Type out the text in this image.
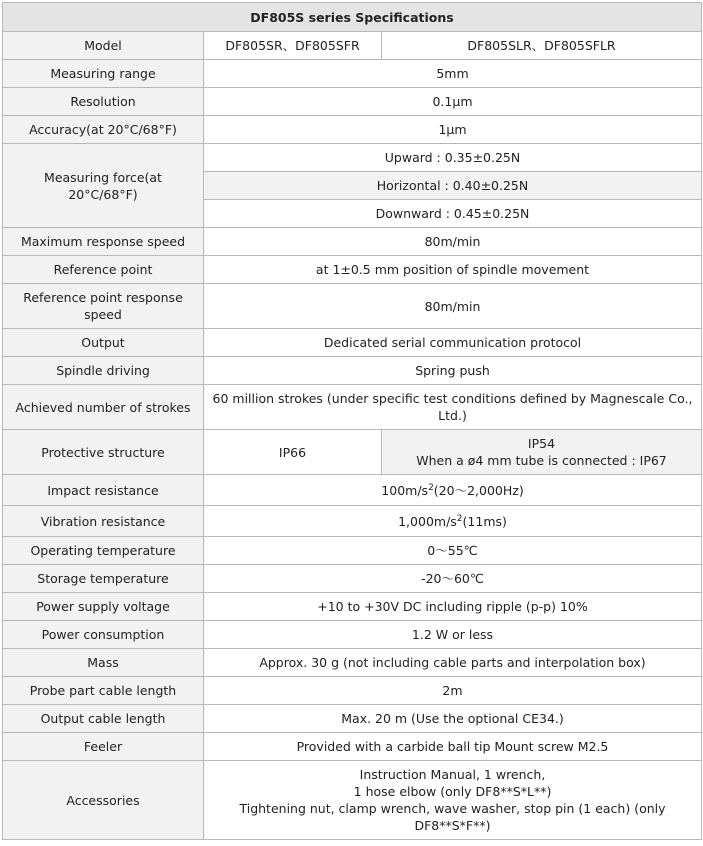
DF805S series Specifications		
Model	DF805SR、DF805SFR	DF805SLR、DF805SFLR
Measuring range	5mm	
Resolution	0.1μm	
Accuracy(at 20°C/68°F)	1μm	
Measuring force(at 20°C/68°F)	Upward : 0.35±0.25N	
	Horizontal : 0.40±0.25N	
	Downward : 0.45±0.25N	
Maximum response speed	80m/min	
Reference point	at 1±0.5 mm position of spindle movement	
Reference point response speed	80m/min	
Output	Dedicated serial communication protocol	
Spindle driving	Spring push	
Achieved number of strokes	60 million strokes (under specific test conditions defined by Magnescale Co., Ltd.)	
Protective structure	IP66	IP54
When a ø4 mm tube is connected : IP67

Impact resistance	$100m/s^2(20\sim 2,000Hz)$	
Vibration resistance	$1,000m/s^2(11ms)$	
Operating temperature	0～55℃	
Storage temperature	-20～60℃	
Power supply voltage	+10 to +30V DC including ripple (p-p) 10%	
Power consumption	1.2 W or less	
Mass	Approx. 30 g (not including cable parts and interpolation box)	
Probe part cable length	2m	
Output cable length	Max. 20 m (Use the optional CE34.)	
Feeler	Provided with a carbide ball tip Mount screw M2.5	
Accessories	Instruction Manual, 1 wrench,
1 hose elbow (only DF8**S*L**)
Tightening nut, clamp wrench, wave washer, stop pin (1 each) (only DF8**S*F**)	
